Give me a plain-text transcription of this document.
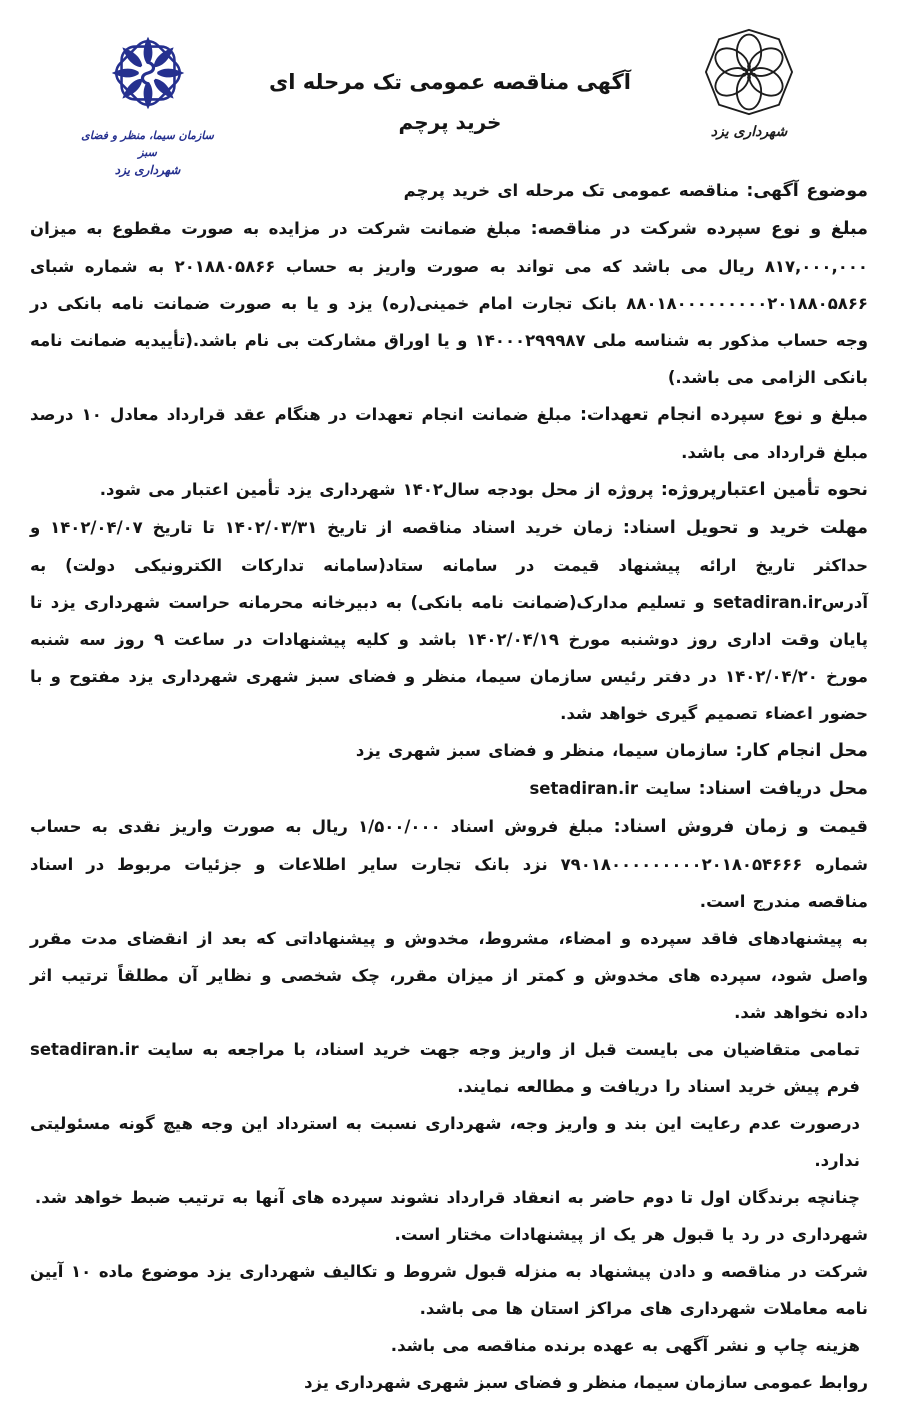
سازمان سیما، منظر و فضای سبز
شهرداری یزد
آگهی مناقصه عمومی تک مرحله ای
خرید پرچم	شهرداری یزد

موضوع آگهی: مناقصه عمومی تک مرحله ای خرید پرچم

مبلغ و نوع سپرده شرکت در مناقصه: مبلغ ضمانت شرکت در مزایده به صورت مقطوع به میزان ۸۱۷,۰۰۰,۰۰۰ ریال می باشد که می تواند به صورت واریز به حساب ۲۰۱۸۸۰۵۸۶۶ به شماره شبای ۸۸۰۱۸۰۰۰۰۰۰۰۰۰۲۰۱۸۸۰۵۸۶۶ بانک تجارت امام خمینی(ره) یزد و یا به صورت ضمانت نامه بانکی در وجه حساب مذکور به شناسه ملی ۱۴۰۰۰۲۹۹۹۸۷ و یا اوراق مشارکت بی نام باشد.(تأییدیه ضمانت نامه بانکی الزامی می باشد.)

مبلغ و نوع سپرده انجام تعهدات: مبلغ ضمانت انجام تعهدات در هنگام عقد قرارداد معادل ۱۰ درصد مبلغ قرارداد می باشد.

نحوه تأمین اعتبارپروژه: پروژه از محل بودجه سال۱۴۰۲ شهرداری یزد تأمین اعتبار می شود.

مهلت خرید و تحویل اسناد: زمان خرید اسناد مناقصه از تاریخ ۱۴۰۲/۰۳/۳۱ تا تاریخ ۱۴۰۲/۰۴/۰۷ و حداکثر تاریخ ارائه پیشنهاد قیمت در سامانه ستاد(سامانه تدارکات الکترونیکی دولت) به آدرسsetadiran.ir و تسلیم مدارک(ضمانت نامه بانکی) به دبیرخانه محرمانه حراست شهرداری یزد تا پایان وقت اداری روز دوشنبه مورخ ۱۴۰۲/۰۴/۱۹ باشد و کلیه پیشنهادات در ساعت ۹ روز سه شنبه مورخ ۱۴۰۲/۰۴/۲۰ در دفتر رئیس سازمان سیما، منظر و فضای سبز شهری شهرداری یزد مفتوح و با حضور اعضاء تصمیم گیری خواهد شد.

محل انجام کار: سازمان سیما، منظر و فضای سبز شهری یزد

محل دریافت اسناد: سایت setadiran.ir

قیمت و زمان فروش اسناد: مبلغ فروش اسناد ۱/۵۰۰/۰۰۰ ریال به صورت واریز نقدی به حساب شماره ۷۹۰۱۸۰۰۰۰۰۰۰۰۰۲۰۱۸۰۵۴۶۶۶ نزد بانک تجارت سایر اطلاعات و جزئیات مربوط در اسناد مناقصه مندرج است.

به پیشنهادهای فاقد سپرده و امضاء، مشروط، مخدوش و پیشنهاداتی که بعد از انقضای مدت مقرر واصل شود، سپرده های مخدوش و کمتر از میزان مقرر، چک شخصی و نظایر آن مطلقاً ترتیب اثر داده نخواهد شد.

تمامی متقاضیان می بایست قبل از واریز وجه جهت خرید اسناد، با مراجعه به سایت setadiran.ir فرم پیش خرید اسناد را دریافت و مطالعه نمایند.

درصورت عدم رعایت این بند و واریز وجه، شهرداری نسبت به استرداد این وجه هیچ گونه مسئولیتی ندارد.

چنانچه برندگان اول تا دوم حاضر به انعقاد قرارداد نشوند سپرده های آنها به ترتیب ضبط خواهد شد.

شهرداری در رد یا قبول هر یک از پیشنهادات مختار است.

شرکت در مناقصه و دادن پیشنهاد به منزله قبول شروط و تکالیف شهرداری یزد موضوع ماده ۱۰ آیین نامه معاملات شهرداری های مراکز استان ها می باشد.

هزینه چاپ و نشر آگهی به عهده برنده مناقصه می باشد.

روابط عمومی سازمان سیما، منظر و فضای سبز شهری شهرداری یزد
